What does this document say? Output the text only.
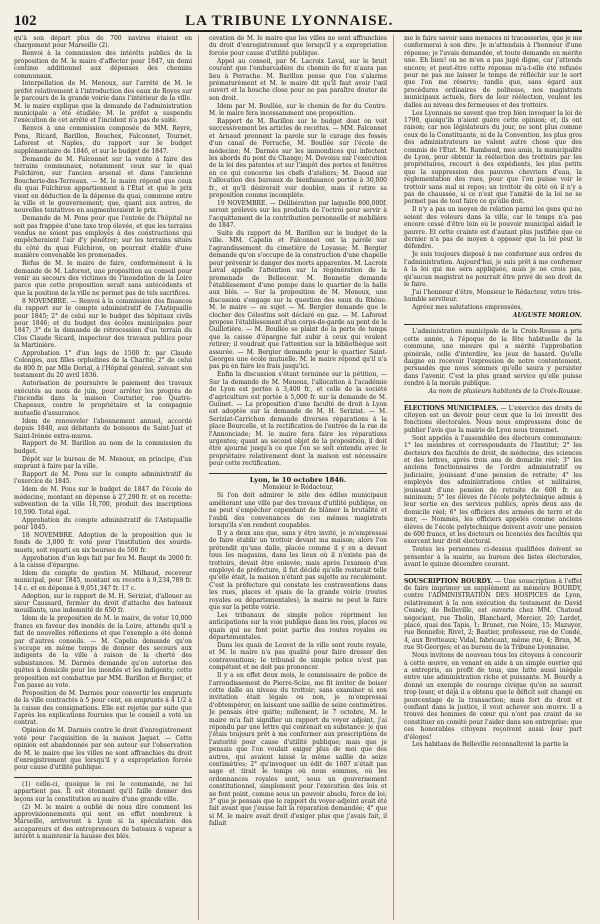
102	LA TRIBUNE LYONNAISE.

qu'à son départ plus de 700 navires étaient en chargement pour Marseille (2).

Renvoi à la commission des intérêts publics de la proposition de M. le maire d'affecter pour 1847, un demi centime additionnel aux dépenses des chemins communaux.

Interpellation de M. Menoux, sur l'arrêté de M. le préfet relativement à l'introduction des eaux de Royes sur le parcours de la grande voirie dans l'intérieur de la ville. M. le maire explique que la demande de l'administration municipale a été étudiée; M. le préfet a suspendu l'exécution de cet arrêté et l'incident n'a pas de suite.

Renvoi à une commission composée de MM. Reyre, Pons, Ricard, Barillon, Bouchex, Falconnet, Tournet, Laforest et Naples, du rapport sur le budget supplémentaire de 1846, et sur le budget de 1847.

Demande de M. Falconnet sur la vente à faire des terrains communaux, notamment ceux sur le quai Fulchiron, sur l'ancien arsenal et dans l'ancienne Boucherie-des-Terreaux. — M. le maire répond que ceux du quai Fulchiron appartiennent à l'État et que le prix vient en déduction de la dépense du quai, commune entre la ville et le gouvernement; que, quant aux autres, de nouvelles tentatives en augmenteraient le prix.

Demande de M. Pons pour que l'entrée de l'hôpital ne soit pas frappée d'une taxe trop élevée, et que les terrains vendus ne soient pas employés à des constructions qui empêcheraient l'air d'y pénétrer; sur les terrains situés du côté du quai Fulchiron, on pourrait établir d'une manière convenable les promenades.

Refus de M. le maire de faire, conformément à la demande de M. Laforest, une proposition au conseil pour venir au secours des victimes de l'inondation de la Loire parce que cette proposition serait sans antécédents et que la position de la ville ne permet pas de tels sacrifices.

8 NOVEMBRE. — Renvoi à la commission des finances du rapport sur le compte administratif de l'Antiquaille pour 1845; 2° de celui sur le budget des hôpitaux civils pour 1846; et du budget des écoles municipales pour 1847; 3° de la demande de rétrocession d'un terrain du Clos Claude Sicard, inspecteur des travaux publics pour la Martinière.

Approbation 1° d'un legs de 1500 fr. par Claude Colonges, aux filles orphelines de la Charité; 2° de celui de 800 fr. par Mlle Dorial, à l'Hôpital général, suivant son testament du 20 avril 1836.

Autorisation de poursuivre le paiement des travaux exécutés au mois de juin, pour arrêter les progrès de l'incendie dans la maison Couturier, rue Quatre-Chapeaux, contre le propriétaire et la compagnie mutuelle d'assurance.

Idem de renouveler l'abonnement annuel, accordé depuis 1840, aux débitants de boissons de Saint-Just et Saint-Irénée extra-muros.

Rapport de M. Barillon au nom de la commission du budget.

Dépôt sur le bureau de M. Menoux, en principe, d'un emprunt à faire par la ville.

Rapport de M. Pons sur le compte administratif de l'exercice de 1845.

Idem de M. Pons sur le budget de 1847 de l'école de médecine, montant en dépense à 27,290 fr. et en recette: subvention de la ville 16,700, produit des inscriptions 10,590. Total égal.

Approbation du compte administratif de l'Antiquaille pour 1845.

18 NOVEMBRE. Adoption de la proposition que le fonds de 3,000 fr. voté pour l'institution des sourds-muets, soit reparti en six bourses de 500 fr.

Approbation d'un legs fait par feu M. Baupt de 2000 fr. à la caisse d'épargne.

Idem du compte de gestion M. Milhaud, receveur municipal, pour 1845, montant en recette à 9,234,789 fr. 14 c. et en dépense à 9,051,347 fr. 17 c.

Adoption, sur le rapport de M. H. Seriziat, d'allouer au sieur Caussard, fermier du droit d'attache des bateaux mouillants, une indemnité de 650 fr.

Idem de la proposition de M. le maire, de voter 10,000 francs en faveur des inondés de la Loire, attendu qu'il a fait de nouvelles réflexions et que l'exemple a été donné par d'autres conseils. — M. Capelin demande qu'on s'occupe en même temps de donner des secours aux indigents de la ville à raison de la cherté des subsistances. M. Darmès demande qu'on autorise des quêtes à domicile pour les inondés et les indigents; cette proposition est combattue par MM. Barillon et Bergier, et l'on passe au vote.

Proposition de M. Darmès pour convertir les emprunts de la ville contractés à 5 pour cent, en emprunts à 4 1/2 à la caisse des consignations. Elle est rejetée par suite que l'après les explications fournies que le conseil a voté un contrat.

Opinion de M. Darmès contre le droit d'enregistrement voté pour l'acquisition de la maison Jaquet. — Cette opinion est abandonnée par son auteur sur l'observation de M. le maire que les villes ne sont affranchies du droit d'enregistrement que lorsqu'il y a expropriation forcée pour cause d'utilité publique.

(1) celle-ci, quoique le roi le commande, ne lui appartient pas. Il est étonnant qu'il faille donner des leçons sur la constitution au maire d'une grande ville.

(2) M. le maire a oublié de nous dire comment les approvisionnements qui sont en effet nombreux à Marseille, arriveront à Lyon si la spéculation des accapareurs et des entrepreneurs de bateaux à vapeur a intérêt à maintenir la hausse des blés.

cevation de M. le maire que les villes ne sont affranchies du droit d'enregistrement que lorsqu'il y a expropriation forcée pour cause d'utilité publique.

Appel au conseil, par M. Lacroix Laval, sur le bruit courant que l'embarcadère du chemin de fer n'aura pas lieu à Perrache. M. Barillon pense que l'on s'alarme prématurément et M. le maire dit qu'il faut avoir l'œil ouvert et la bouche close pour ne pas paraître douter de son droit.

Idem par M. Boullée, sur le chemin de fer du Centre. M. le maire fera incessamment une proposition.

Rapport de M. Barillon sur le budget dont on voit successivement les articles de recettes. — MM. Falconnet et Arnaud prennent la parole sur le curage des fossés d'un canal de Perrache, M. Boullée sur l'école de médecine; M. Darmès sur les immondices qui infectent les abords du pont du Change; M. Devoisu sur l'exécution de la loi des patentes et sur l'impôt des portes et fenêtres en ce qui concerne les chefs d'ateliers; M. Daoud sur l'allocation des bureaux de bienfaisance portée à 30,000 fr., et qu'il désirerait voir doubler, mais il retire sa proposition comme incomplète.

19 NOVEMBRE. — Délibération par laquelle 800,000f. seront prélevés sur les produits de l'octroi pour servir à l'acquittement de la contribution personnelle et mobilière de 1847.

Suite du rapport de M. Barillon sur le budget de la ville. MM. Capelin et Falconnet ont la parole sur l'agrandissement du cimetière de Loyasse; M. Bergier demande qu'on s'occupe de la construction d'une chapelle pour prévenir le danger des morts apparentes. M. Lacroix Laval appelle l'attention sur la régénération de la promenade de Bellecour. M. Bonnetie demande l'établissement d'une pompe dans le quartier de la halle aux blés. — Sur la proposition de M. Menoux, une discussion s'engage sur la question des eaux du Rhône. M. le maire — au sujet — M. Bergier demande que le clocher des Célestins soit déclaré en gaz. — M. Laforest propose l'établissement d'un corps-de-garde au pont de la Guillotière. — M. Boullée se plaint de la perte de temps que la caisse d'épargne fait subir à ceux qui veulent retirer; il voudrait que l'attention sur la bibliothèque soit assurée. — M. Bergier demande pour le quartier Saint-Georges une école mutuelle. M. le maire répond qu'il n'a pas pu en faire les frais jusqu'ici.

Enfin la discussion s'étant terminée sur la pétition, — Sur la demande de M. Menoux, l'allocation à l'académie de Lyon est portée à 3,400 fr., et celle de la société d'agriculture est portée à 5,000 fr. sur la demande de M. Guimet. — La proposition d'une faculté de droit à Lyon est adoptée sur la demande de M. H. Seriziat. — M. Seriziat-Carrichon demande diverses réparations à la place Bourcelle, et la rectification de l'entrée de la rue de l'Annonciade; M. le maire fera faire les réparations urgentes; quant au second objet de la proposition, il doit être ajourné jusqu'à ce que l'on se soit entendu avec le propriétaire relativement dont la maison est nécessaire pour cette rectification.

Lyon, le 10 octobre 1846.

Monsieur le Rédacteur,

Si l'on doit admirer le zèle des édiles municipaux améliorant une ville par des travaux d'utilité publique, on ne peut s'empêcher cependant de blâmer la brutalité et l'oubli des convenances de ces mêmes magistrats lorsqu'ils s'en rendent coupables.

Il y a deux ans que, sans y être invité, je m'empressai de faire établir un trottoir devant ma maison; alors l'on prétendit qu'une dalle, placée comme il y en a devant tous les magasins, dans les lieux où il n'existe pas de trottoirs, devait être enlevée; mais après l'examen d'un employé de préfecture, il fut décidé qu'elle resterait telle qu'elle était, la maison n'étant pas sujette au reculement. C'est la préfecture qui constate les contraventions dans les rues, places et quais de la grande voirie (routes royales ou départementales), la mairie ne peut le faire que sur la petite voirie.

Les tribunaux de simple police répriment les anticipations sur la voie publique dans les rues, places ou quais qui ne font point partie des routes royales ou départementales.

Dans les quais de Louvet de la ville sont route royale, et M. le maire n'a pas qualité pour faire dresser des contraventions; le tribunal de simple police n'est pas compétent et ne doit pas prononcer.

Il y a en effet deux mois, le commissaire de police de l'arrondissement de Pierre-Scize, me fit inviter de boiser cette dalle au niveau du trottoir; sans examiner si son invitation était légale ou non, je m'empressai d'obtempérer, en laissant une saillie de seize centimètres. Je pensais être quitte; nullement, le 7 octobre, M. le maire m'a fait signifier un rapport du voyer adjoint, j'ai répondu par une lettre qui contenait en substance: je que j'étais toujours prêt à me conformer aux prescriptions de l'autorité pour cause d'utilité publique; mais que je pensais que l'on voulait exiger plus de moi que des autres, qui avaient laissé la même saillie de seize centimètres; 2° qu'invoquer un édit de 1607 n'était pas sage et tirait le temps où nous sommes, où les ordonnances royales sont, sous un gouvernement constitutionnel, simplement pour l'exécution des lois et ne font point, comme sous un pouvoir absolu, force de loi; 3° que je pensais que le rapport du voyer-adjoint avait été fait avant que j'eusse fait la réparation demandée; 4° que si M. le maire avait droit d'exiger plus que j'avais fait, il fallait

me le faire savoir sans menaces ni tracasseries, que je me conformerai à son dire. Je m'attendais à l'honneur d'une réponse; je l'avais demandée, et toute demande en mérite une. Eh bien! on ne m'en a pas jugé digne, car j'attends encore; et peut-être cette réponse m'a-t-elle été refusée pour ne pas me laisser le temps de réfléchir sur le sort que l'on me réserve; tandis que, sans égard aux procédures ordinaires de politesse, nos magistrats municipaux actuels, fiers de leur réélection, veulent les dalles au niveau des fermeuses et des trottoirs.

Les Lyonnais ne savent que trop bien invoquer la loi de 1790, quoiqu'ils n'aient guère cette opinion; et, ils ont raison; car nos législateurs du jour, ne sont plus comme ceux de la Constituante, ni de la Convention, les plus gros des administrateurs ne valent autre chose que des commis de l'État. M. Rambaud, mes amis, la municipalité de Lyon, pour obtenir la réélection des trottoirs par les propriétaires, recourt à des expédients, les plus petits que la suppression des pauvres chevriers d'eau, la réglementation des rues, pour que l'on puisse voir le trottoir sans mal ni repos; un trottoir du côté où il n'y a pas de chaussée, si ce n'est que l'amitié de la loi ne se permet pas de tout faire ce qu'elle doit.

Il n'y a pas un moyen de relation parmi les gens qui ne soient des voleurs dans la ville, car le temps n'a pas encore cessé d'être loin où le pouvoir municipal aidait le pauvre. Et cette crainte est d'autant plus justifiée que ce dernier n'a pas de moyen à opposer que la loi peut le défendre.

Je suis toujours disposé à me conformer aux ordres de l'administration. Aujourd'hui, je suis prêt à me conformer à la loi qui me sera appliquée, mais je ne crois pas, qu'aucun magistrat ne pourrait être privé de son droit de le faire.

J'ai l'honneur d'être, Monsieur le Rédacteur, votre très-humble serviteur.

Agréez mes salutations empressées,

AUGUSTE MORLON.

L'administration municipale de la Croix-Rousse a pris cette année, à l'époque de la fête habituelle de la commune, une mesure qui a mérité l'approbation générale, celle d'interdire, les jeux de hasard. Qu'elle daigne en recevoir l'expression de notre contentement, persuadés que nous sommes qu'elle saura y persister dans l'avenir. C'est la plus grand service qu'elle puisse rendre à la morale publique.

Au nom de plusieurs habitants de la Croix-Rousse.

ÉLECTIONS MUNICIPALES. — L'exercice des droits de citoyen est un devoir pour ceux que la loi investit des fonctions électorales. Nous nous empressons donc de publier l'avis que la mairie de Lyon nous transmet.

Sont appelés à l'assemblée des électeurs communaux: 1° les membres et correspondants de l'Institut; 2° les docteurs des facultés de droit, de médecine, des sciences et des lettres, après trois ans de domicile réel; 3° les anciens fonctionnaires de l'ordre administratif ou judiciaire, jouissant d'une pension de retraite; 4° les employés des administrations civiles et militaires, jouissant d'une pension de retraite de 600 fr. au minimum; 5° les élèves de l'école polytechnique admis à leur sortie en des services publics, après deux ans de domicile réel; 6° les officiers des armées de terre et de mer, — Nommés, les officiers appelés comme anciens élèves de l'école polytechnique doivent avoir une pension de 600 francs, et les docteurs ou licenciés des facultés qui exercent leur droit électoral.

Toutes les personnes ci-dessus qualifiées doivent se présenter à la mairie, au bureau des listes électorales, avant le quinze décembre courant.

SOUSCRIPTION BOURDY. — Une souscription à l'effet de faire imprimer un supplément au mémoire BOURDY, contre l'ADMINISTRATION DES HOSPICES de Lyon, relativement à la non exécution du testament de David Cosnéy, de Belleville, est ouverte chez MM. Chatoud négociant, rue Tholin, Blanchard, Mercier, 20; Lardet, placé, quai des Tapis, 1; Brunet, rue Noire, 15; Mazuyer, rue Bonnefoi; Rivet, 2; Bautier, professeur, rue de Condé, 4, aux Brotteaux; Vidal, fabricant, même rue, 4; Brun, M. rue St-Georges; et au bureau de la Tribune Lyonnaise.

Nous invitons de nouveau tous les citoyens à concourir à cette œuvre, en venant en aide à un simple ouvrier qui a entrepris, au profit de tous, une lutte aussi inégale entre une administration riche et puissante. M. Bourdy a donné un exemple de courage civique qu'on ne saurait trop louer, et déjà il a obtenu que le déficit soit changé en pourcentage de la transaction; mais fort du droit et confiant dans la justice, il veut achever son œuvre. Il a trouvé des hommes de cœur qui n'ont pas craint de se constituer en comité pour l'aider dans son entreprise: que ces honorables citoyens reçoivent aussi leur part d'éloges!

Les habitans de Belleville reconnaîtront la partie la
